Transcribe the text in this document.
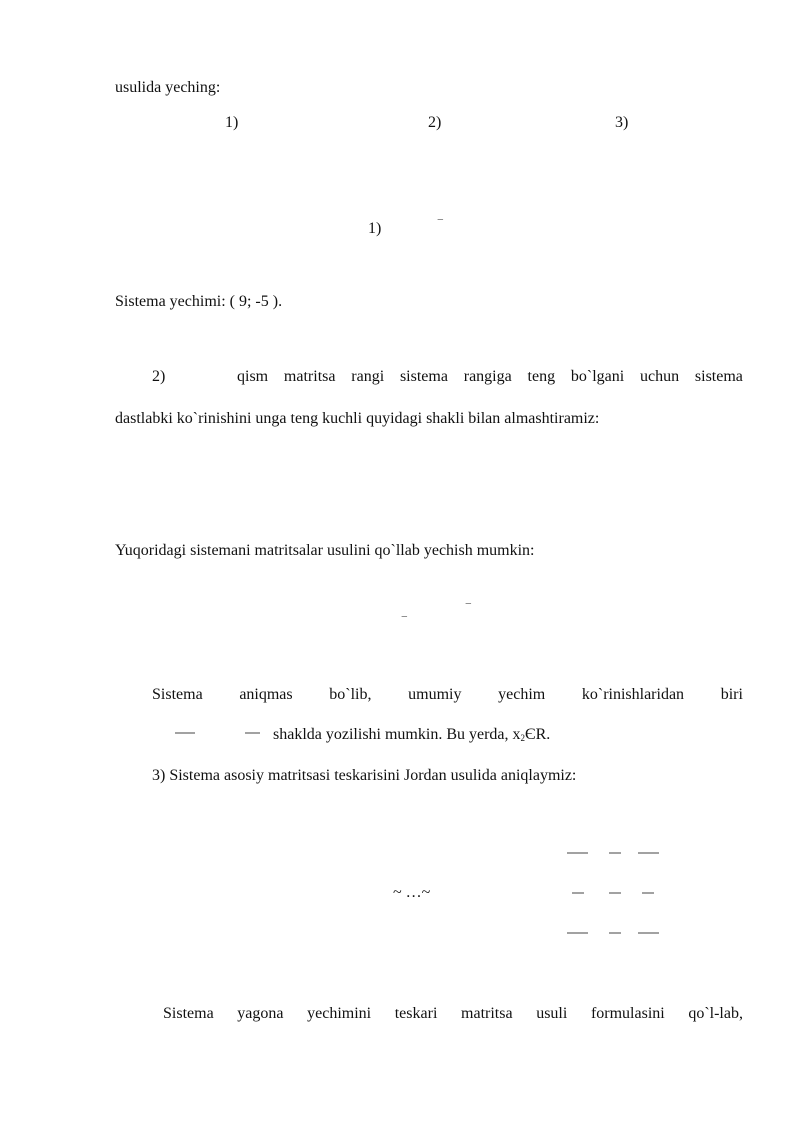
usulida yeching:
1)	2)	3)
1)	‾
Sistema yechimi: ( 9; -5 ).
2)	qism matritsa rangi sistema rangiga teng bo`lgani uchun sistema
dastlabki ko`rinishini unga teng kuchli quyidagi shakli bilan almashtiramiz:
Yuqoridagi sistemani matritsalar usulini qo`llab yechish mumkin:
‾
‾
Sistema aniqmas bo`lib, umumiy yechim ko`rinishlaridan biri
shaklda yozilishi mumkin. Bu yerda, $x_2ЄR$.
3) Sistema asosiy matritsasi teskarisini Jordan usulida aniqlaymiz:
~ …~
Sistema yagona yechimini teskari matritsa usuli formulasini qo`l-lab,
